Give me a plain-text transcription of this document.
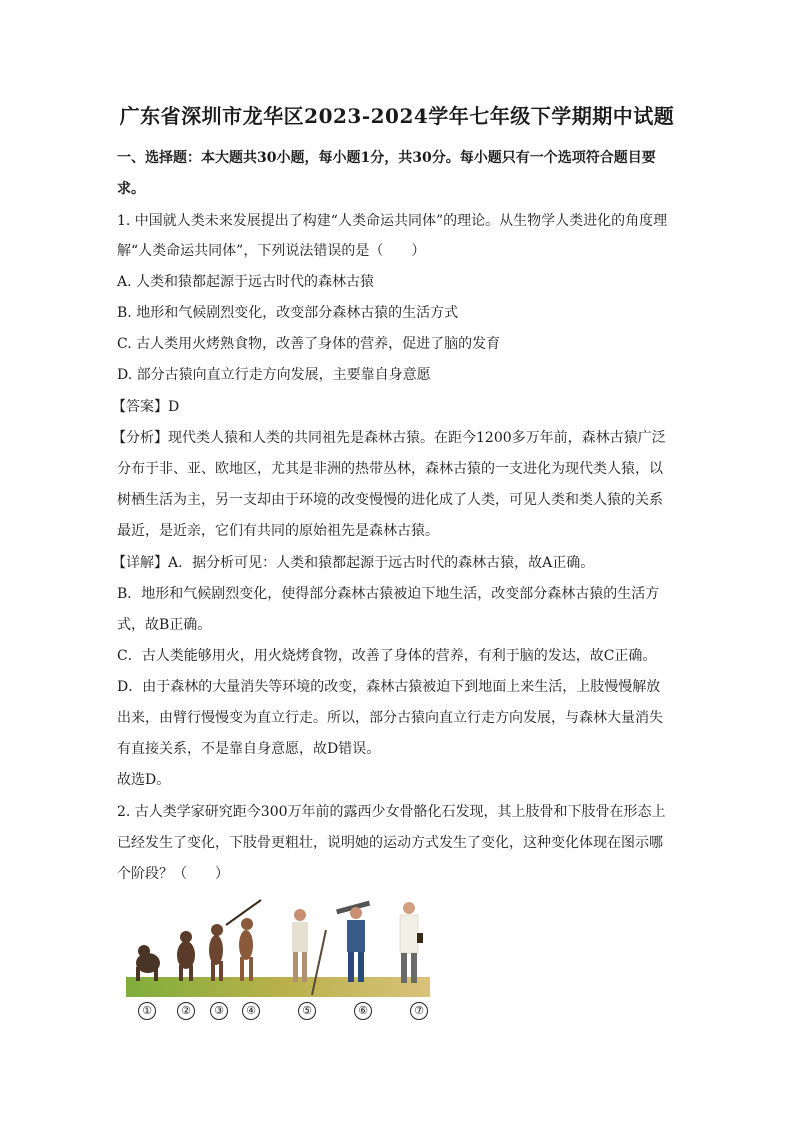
广东省深圳市龙华区2023-2024学年七年级下学期期中试题
一、选择题：本大题共30小题，每小题1分，共30分。每小题只有一个选项符合题目要
求。
1. 中国就人类未来发展提出了构建“人类命运共同体”的理论。从生物学人类进化的角度理
解“人类命运共同体”，下列说法错误的是（　　）
A. 人类和猿都起源于远古时代的森林古猿
B. 地形和气候剧烈变化，改变部分森林古猿的生活方式
C. 古人类用火烤熟食物，改善了身体的营养，促进了脑的发育
D. 部分古猿向直立行走方向发展，主要靠自身意愿
【答案】D
【分析】现代类人猿和人类的共同祖先是森林古猿。在距今1200多万年前，森林古猿广泛
分布于非、亚、欧地区，尤其是非洲的热带丛林，森林古猿的一支进化为现代类人猿，以
树栖生活为主，另一支却由于环境的改变慢慢的进化成了人类，可见人类和类人猿的关系
最近，是近亲，它们有共同的原始祖先是森林古猿。
【详解】A．据分析可见：人类和猿都起源于远古时代的森林古猿，故A正确。
B．地形和气候剧烈变化，使得部分森林古猿被迫下地生活，改变部分森林古猿的生活方
式，故B正确。
C．古人类能够用火，用火烧烤食物，改善了身体的营养，有利于脑的发达，故C正确。
D．由于森林的大量消失等环境的改变，森林古猿被迫下到地面上来生活，上肢慢慢解放
出来，由臂行慢慢变为直立行走。所以，部分古猿向直立行走方向发展，与森林大量消失
有直接关系，不是靠自身意愿，故D错误。
故选D。
2. 古人类学家研究距今300万年前的露西少女骨骼化石发现，其上肢骨和下肢骨在形态上
已经发生了变化，下肢骨更粗壮，说明她的运动方式发生了变化，这种变化体现在图示哪
个阶段？（　　）
①	②	③	④	⑤	⑥	⑦
